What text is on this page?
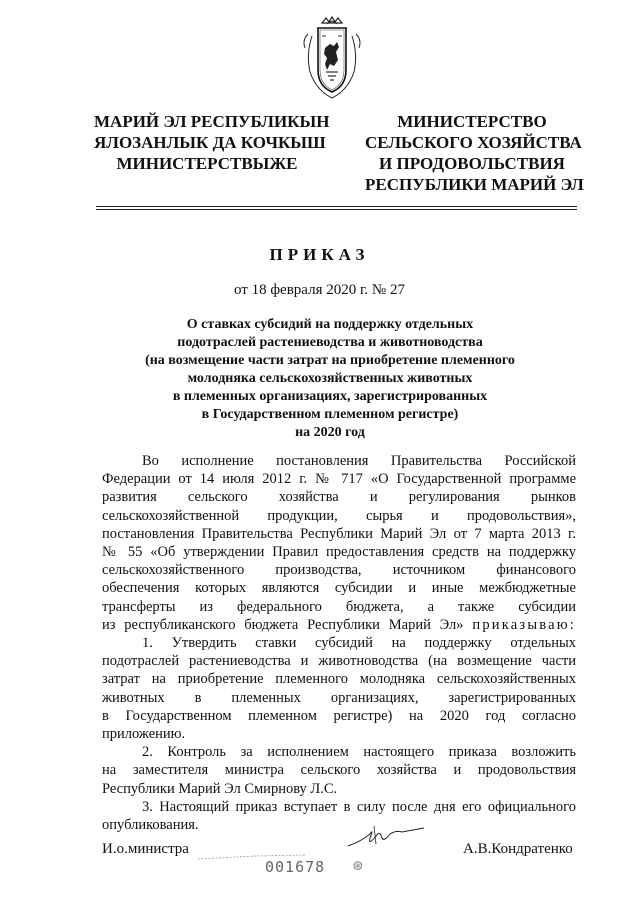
МАРИЙ ЭЛ РЕСПУБЛИКЫН
ЯЛОЗАНЛЫК ДА КОЧКЫШ
МИНИСТЕРСТВЫЖЕ
МИНИСТЕРСТВО
СЕЛЬСКОГО ХОЗЯЙСТВА
И ПРОДОВОЛЬСТВИЯ
РЕСПУБЛИКИ МАРИЙ ЭЛ
ПРИКАЗ
от 18 февраля 2020 г. № 27
О ставках субсидий на поддержку отдельных
подотраслей растениеводства и животноводства
(на возмещение части затрат на приобретение племенного
молодняка сельскохозяйственных животных
в племенных организациях, зарегистрированных
в Государственном племенном регистре)
на 2020 год
Во исполнение постановления Правительства Российской
Федерации от 14 июля 2012 г. № 717 «О Государственной программе
развития сельского хозяйства и регулирования рынков
сельскохозяйственной продукции, сырья и продовольствия»,
постановления Правительства Республики Марий Эл от 7 марта 2013 г.
№ 55 «Об утверждении Правил предоставления средств на поддержку
сельскохозяйственного производства, источником финансового
обеспечения которых являются субсидии и иные межбюджетные
трансферты из федерального бюджета, а также субсидии
из республиканского бюджета Республики Марий Эл» приказываю:
1. Утвердить ставки субсидий на поддержку отдельных
подотраслей растениеводства и животноводства (на возмещение части
затрат на приобретение племенного молодняка сельскохозяйственных
животных в племенных организациях, зарегистрированных
в Государственном племенном регистре) на 2020 год согласно
приложению.
2. Контроль за исполнением настоящего приказа возложить
на заместителя министра сельского хозяйства и продовольствия
Республики Марий Эл Смирнову Л.С.
3. Настоящий приказ вступает в силу после дня его официального
опубликования.
И.о.министра	А.В.Кондратенко
001678 ⊛
